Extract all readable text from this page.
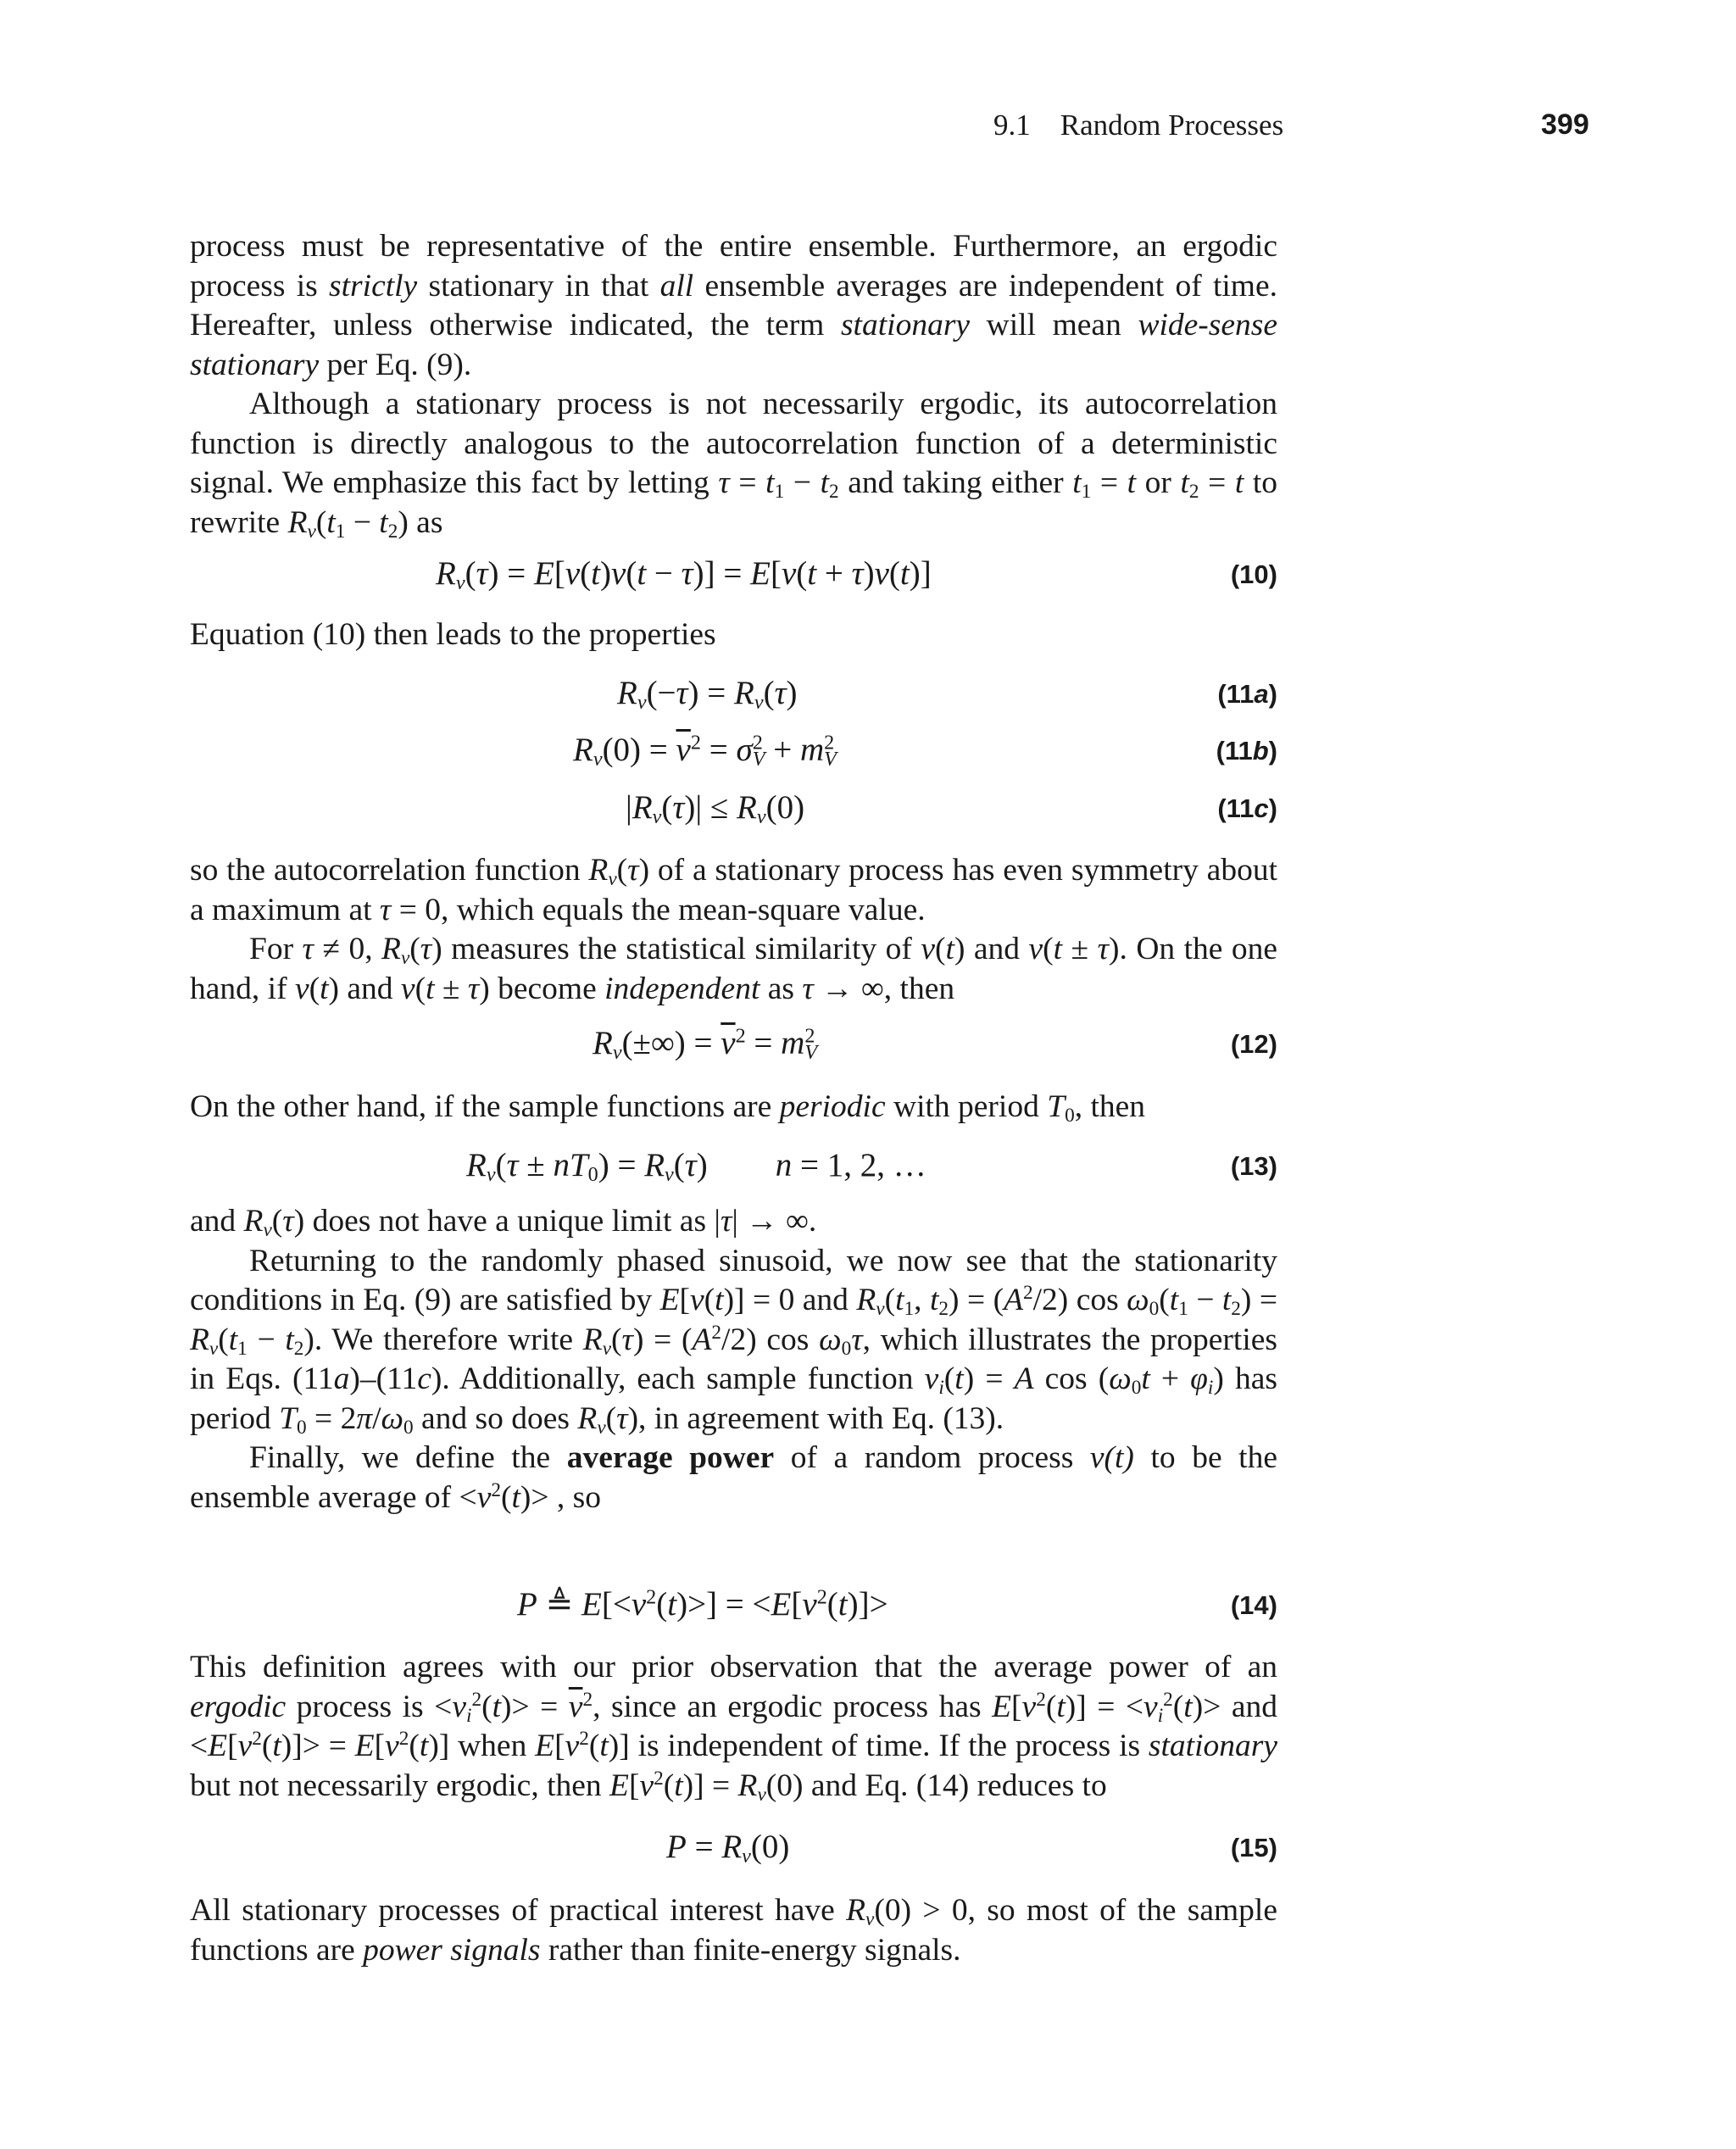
9.1 Random Processes	399

process must be representative of the entire ensemble. Furthermore, an ergodic process is strictly stationary in that all ensemble averages are independent of time. Hereafter, unless otherwise indicated, the term stationary will mean wide-sense stationary per Eq. (9).

Although a stationary process is not necessarily ergodic, its autocorrelation function is directly analogous to the autocorrelation function of a deterministic signal. We emphasize this fact by letting $\tau = t_1 - t_2$ and taking either $t_1 = t$ or $t_2 = t$ to rewrite $R_v(t_1 - t_2)$ as

$R_v(\tau) = E[v(t)v(t - \tau)] = E[v(t + \tau)v(t)]$	(10)

Equation (10) then leads to the properties

$R_v(-\tau) = R_v(\tau)$	(11a)
$R_v(0) = \overline{v}^2 = \sigma^2_V + m^2_V$	(11b)
$|R_v(\tau)| \le R_v(0)$	(11c)

so the autocorrelation function $R_v(\tau)$ of a stationary process has even symmetry about a maximum at τ = 0, which equals the mean-square value.

For τ ≠ 0, $R_v(\tau)$ measures the statistical similarity of v(t) and v(t ± τ). On the one hand, if v(t) and v(t ± τ) become independent as τ → ∞, then

$R_v(\pm\infty) = \overline{v}^2 = m^2_V$	(12)

On the other hand, if the sample functions are periodic with period $T_0$, then

$R_v(\tau \pm nT_0) = R_v(\tau) n = 1$, 2, …	(13)

and $R_v(\tau)$ does not have a unique limit as |τ| → ∞.

Returning to the randomly phased sinusoid, we now see that the stationarity conditions in Eq. (9) are satisfied by E[v(t)] = 0 and $R_v(t_1$, $t_2) = (A^2/2)$ $\cos \omega_0(t_1 - t_2) = R_v(t_1 - t_2)$. We therefore write $R_v(\tau) = (A^2/2)$ $\cos \omega_0\tau$, which illustrates the properties in Eqs. (11a)–(11c). Additionally, each sample function $v_i(t) = A$ $\cos (\omega_0t + \varphi_i)$ has period $T_0 = 2\pi/\omega_0$ and so does $R_v(\tau)$, in agreement with Eq. (13).

Finally, we define the average power of a random process v(t) to be the ensemble average of $<v^2(t)>$ , so

P ≜ $E[<v^2(t)>] = <E[v^2(t)]>$	(14)

This definition agrees with our prior observation that the average power of an ergodic process is $<v_i^2(t)> = \overline{v}^2$, since an ergodic process has $E[v^2(t)] = <v_i^2(t)>$ and $<E[v^2(t)]> = E[v^2(t)]$ when $E[v^2(t)]$ is independent of time. If the process is stationary but not necessarily ergodic, then $E[v^2(t)] = R_v(0)$ and Eq. (14) reduces to

$P = R_v(0)$	(15)

All stationary processes of practical interest have $R_v(0) > 0$, so most of the sample functions are power signals rather than finite-energy signals.
